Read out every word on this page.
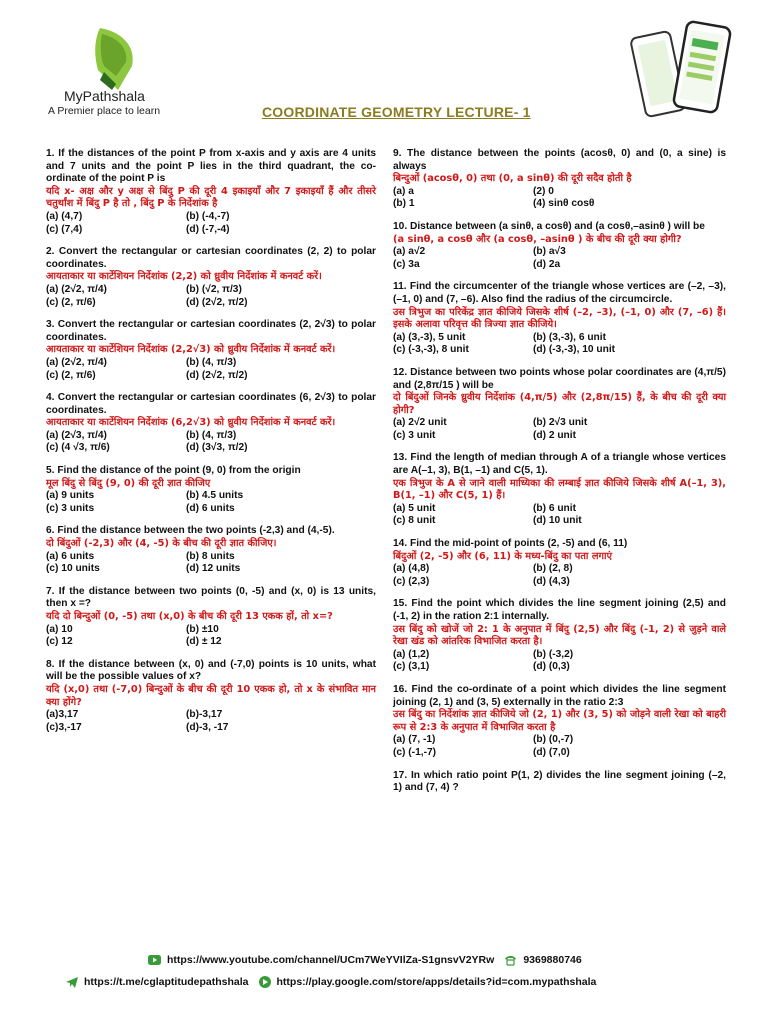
MyPathshala
A Premier place to learn	COORDINATE GEOMETRY LECTURE- 1
1. If the distances of the point P from x-axis and y axis are 4 units and 7 units and the point P lies in the third quadrant, the co-ordinate of the point P is
यदि x- अक्ष और y अक्ष से बिंदु P की दूरी 4 इकाइयाँ और 7 इकाइयाँ हैं और तीसरे चतुर्थांश में बिंदु P है तो , बिंदु P के निर्देशांक है
(a) (4,7)	(b) (-4,-7)
(c) (7,4)	(d) (-7,-4)
2. Convert the rectangular or cartesian coordinates (2, 2) to polar coordinates.
आयताकार या कार्टेशियन निर्देशांक (2,2) को ध्रुवीय निर्देशांक में कनवर्ट करें।
(a) (2√2, π/4)	(b) (√2, π/3)
(c) (2, π/6)	(d) (2√2, π/2)
3. Convert the rectangular or cartesian coordinates (2, 2√3) to polar coordinates.
आयताकार या कार्टेशियन निर्देशांक (2,2√3) को ध्रुवीय निर्देशांक में कनवर्ट करें।
(a) (2√2, π/4)	(b) (4, π/3)
(c) (2, π/6)	(d) (2√2, π/2)
4. Convert the rectangular or cartesian coordinates (6, 2√3) to polar coordinates.
आयताकार या कार्टेशियन निर्देशांक (6,2√3) को ध्रुवीय निर्देशांक में कनवर्ट करें।
(a) (2√3, π/4)	(b) (4, π/3)
(c) (4 √3, π/6)	(d) (3√3, π/2)
5. Find the distance of the point (9, 0) from the origin
मूल बिंदु से बिंदु (9, 0) की दूरी ज्ञात कीजिए
(a) 9 units	(b) 4.5 units
(c) 3 units	(d) 6 units
6. Find the distance between the two points (-2,3) and (4,-5).
दो बिंदुओं (-2,3) और (4, -5) के बीच की दूरी ज्ञात कीजिए।
(a) 6 units	(b) 8 units
(c) 10 units	(d) 12 units
7. If the distance between two points (0, -5) and (x, 0) is 13 units, then x =?
यदि दो बिन्दुओं (0, -5) तथा (x,0) के बीच की दूरी 13 एकक हों, तो x=?
(a) 10	(b) ±10
(c) 12	(d) ± 12
8. If the distance between (x, 0) and (-7,0) points is 10 units, what will be the possible values of x?
यदि (x,0) तथा (-7,0) बिन्दुओं के बीच की दूरी 10 एकक हो, तो x के संभावित मान क्या होंगे?
(a)3,17	(b)-3,17
(c)3,-17	(d)-3, -17
9. The distance between the points (acosθ, 0) and (0, a sine) is always
बिन्दुओं (acosθ, 0) तथा (0, a sinθ) की दूरी सदैव होती है
(a) a	(2) 0
(b) 1	(4) sinθ cosθ
10. Distance between (a sinθ, a cosθ) and (a cosθ,–asinθ ) will be
(a sinθ, a cosθ और (a cosθ, –asinθ ) के बीच की दूरी क्या होगी?
(a) a√2	(b) a√3
(c) 3a	(d) 2a
11. Find the circumcenter of the triangle whose vertices are (–2, –3), (–1, 0) and (7, –6). Also find the radius of the circumcircle.
उस त्रिभुज का परिकेंद्र ज्ञात कीजिये जिसके शीर्ष (–2, –3), (–1, 0) और (7, –6) हैं। इसके अलावा परिवृत्त की त्रिज्या ज्ञात कीजिये।
(a) (3,-3), 5 unit	(b) (3,-3), 6 unit
(c) (-3,-3), 8 unit	(d) (-3,-3), 10 unit
12. Distance between two points whose polar coordinates are (4,π/5) and (2,8π/15 ) will be
दो बिंदुओं जिनके ध्रुवीय निर्देशांक (4,π/5) और (2,8π/15) हैं, के बीच की दूरी क्या होगी?
(a) 2√2 unit	(b) 2√3 unit
(c) 3 unit	(d) 2 unit
13. Find the length of median through A of a triangle whose vertices are A(–1, 3), B(1, –1) and C(5, 1).
एक त्रिभुज के A से जाने वाली माध्यिका की लम्बाई ज्ञात कीजिये जिसके शीर्ष A(–1, 3), B(1, –1) और C(5, 1) हैं।
(a) 5 unit	(b) 6 unit
(c) 8 unit	(d) 10 unit
14. Find the mid-point of points (2, -5) and (6, 11)
बिंदुओं (2, -5) और (6, 11) के मध्य-बिंदु का पता लगाएं
(a) (4,8)	(b) (2, 8)
(c) (2,3)	(d) (4,3)
15. Find the point which divides the line segment joining (2,5) and (-1, 2) in the ration 2:1 internally.
उस बिंदु को खोजें जो 2: 1 के अनुपात में बिंदु (2,5) और बिंदु (-1, 2) से जुड़ने वाले रेखा खंड को आंतरिक विभाजित करता है।
(a) (1,2)	(b) (-3,2)
(c) (3,1)	(d) (0,3)
16. Find the co-ordinate of a point which divides the line segment joining (2, 1) and (3, 5) externally in the ratio 2:3
उस बिंदु का निर्देशांक ज्ञात कीजिये जो (2, 1) और (3, 5) को जोड़ने वाली रेखा को बाहरी रूप से 2:3 के अनुपात में विभाजित करता है
(a) (7, -1)	(b) (0,-7)
(c) (-1,-7)	(d) (7,0)
17. In which ratio point P(1, 2) divides the line segment joining (–2, 1) and (7, 4) ?
https://www.youtube.com/channel/UCm7WeYVIlZa-S1gnsvV2YRw	9369880746
https://t.me/cglaptitudepathshala	https://play.google.com/store/apps/details?id=com.mypathshala
